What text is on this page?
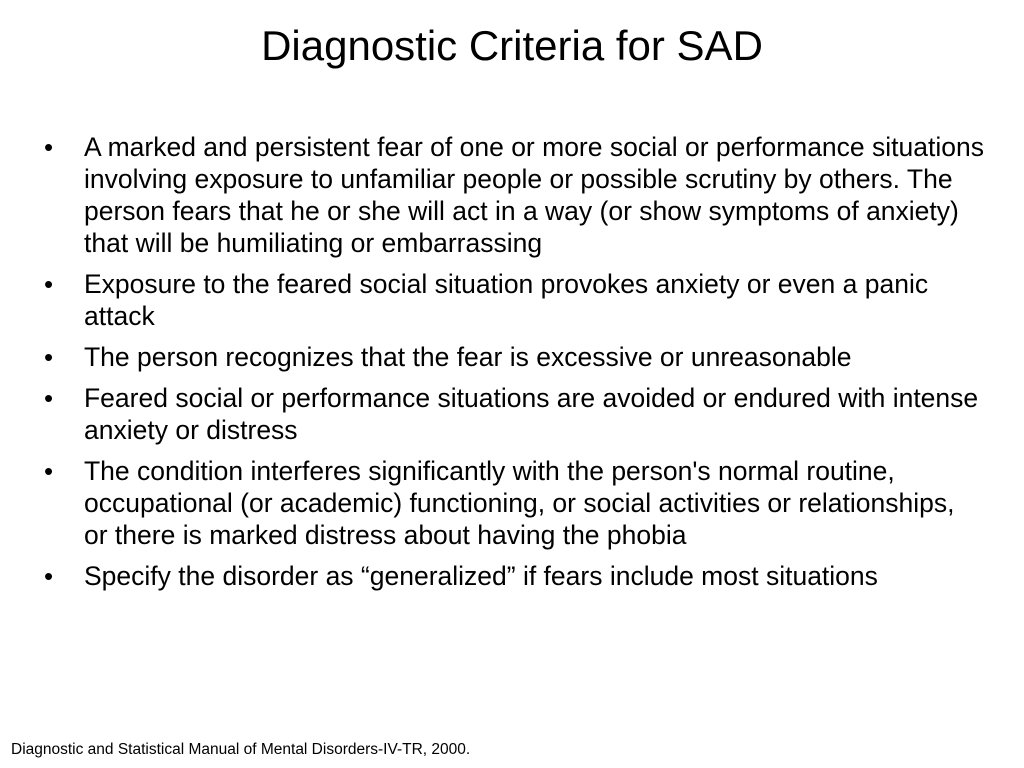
Diagnostic Criteria for SAD
•	A marked and persistent fear of one or more social or performance situations involving exposure to unfamiliar people or possible scrutiny by others. The person fears that he or she will act in a way (or show symptoms of anxiety) that will be humiliating or embarrassing
•	Exposure to the feared social situation provokes anxiety or even a panic attack
•	The person recognizes that the fear is excessive or unreasonable
•	Feared social or performance situations are avoided or endured with intense anxiety or distress
•	The condition interferes significantly with the person's normal routine, occupational (or academic) functioning, or social activities or relationships, or there is marked distress about having the phobia
•	Specify the disorder as “generalized” if fears include most situations
Diagnostic and Statistical Manual of Mental Disorders-IV-TR, 2000.
